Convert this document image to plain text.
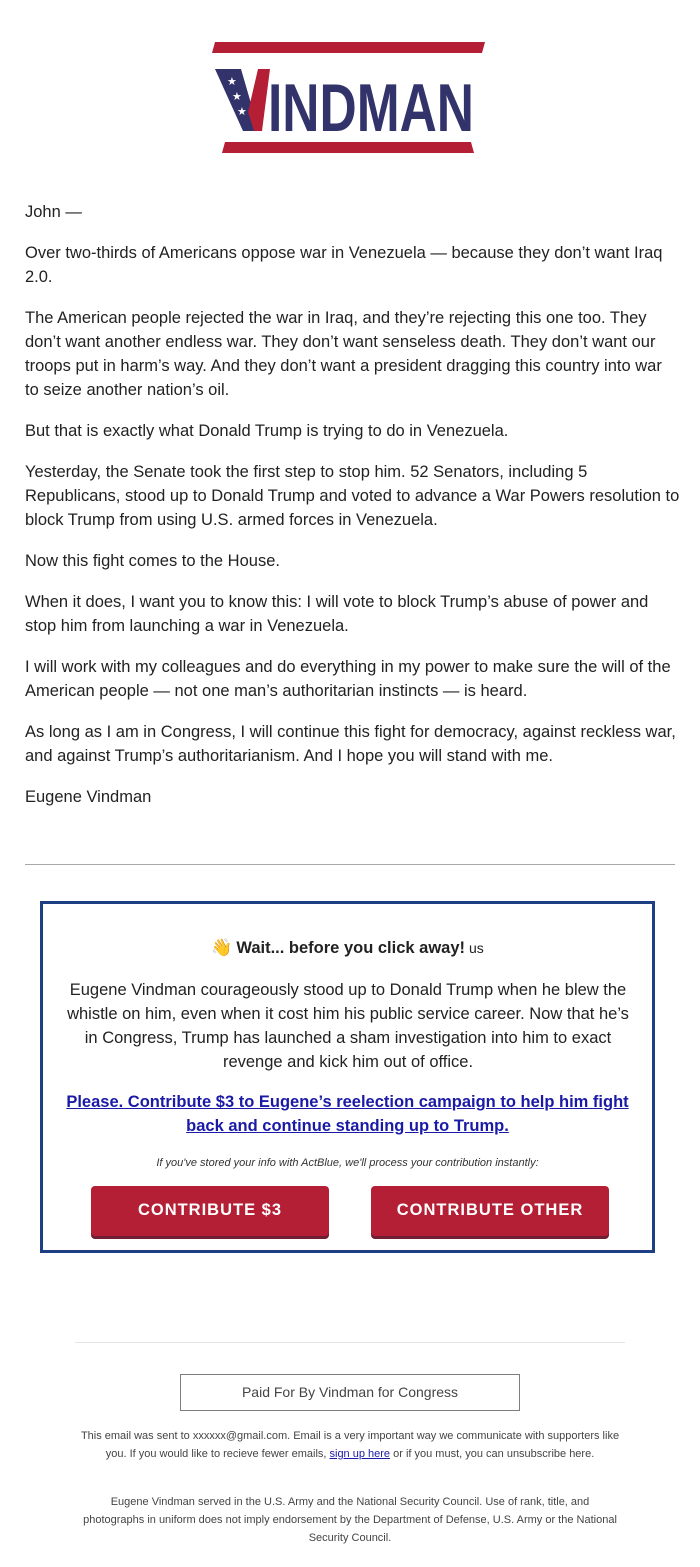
★
★
★ INDMAN

John —

Over two-thirds of Americans oppose war in Venezuela — because they don’t want Iraq 2.0.

The American people rejected the war in Iraq, and they’re rejecting this one too. They don’t want another endless war. They don’t want senseless death. They don’t want our troops put in harm’s way. And they don’t want a president dragging this country into war to seize another nation’s oil.

But that is exactly what Donald Trump is trying to do in Venezuela.

Yesterday, the Senate took the first step to stop him. 52 Senators, including 5 Republicans, stood up to Donald Trump and voted to advance a War Powers resolution to block Trump from using U.S. armed forces in Venezuela.

Now this fight comes to the House.

When it does, I want you to know this: I will vote to block Trump’s abuse of power and stop him from launching a war in Venezuela.

I will work with my colleagues and do everything in my power to make sure the will of the American people — not one man’s authoritarian instincts — is heard.

As long as I am in Congress, I will continue this fight for democracy, against reckless war, and against Trump’s authoritarianism. And I hope you will stand with me.

Eugene Vindman

👋 Wait... before you click away! us

Eugene Vindman courageously stood up to Donald Trump when he blew the whistle on him, even when it cost him his public service career. Now that he’s in Congress, Trump has launched a sham investigation into him to exact revenge and kick him out of office.

Please. Contribute $3 to Eugene’s reelection campaign to help him fight back and continue standing up to Trump.
If you've stored your info with ActBlue, we'll process your contribution instantly:
CONTRIBUTE $3	CONTRIBUTE OTHER
Paid For By Vindman for Congress

This email was sent to xxxxxx@gmail.com. Email is a very important way we communicate with supporters like you. If you would like to recieve fewer emails, sign up here or if you must, you can unsubscribe here.

Eugene Vindman served in the U.S. Army and the National Security Council. Use of rank, title, and photographs in uniform does not imply endorsement by the Department of Defense, U.S. Army or the National Security Council.
